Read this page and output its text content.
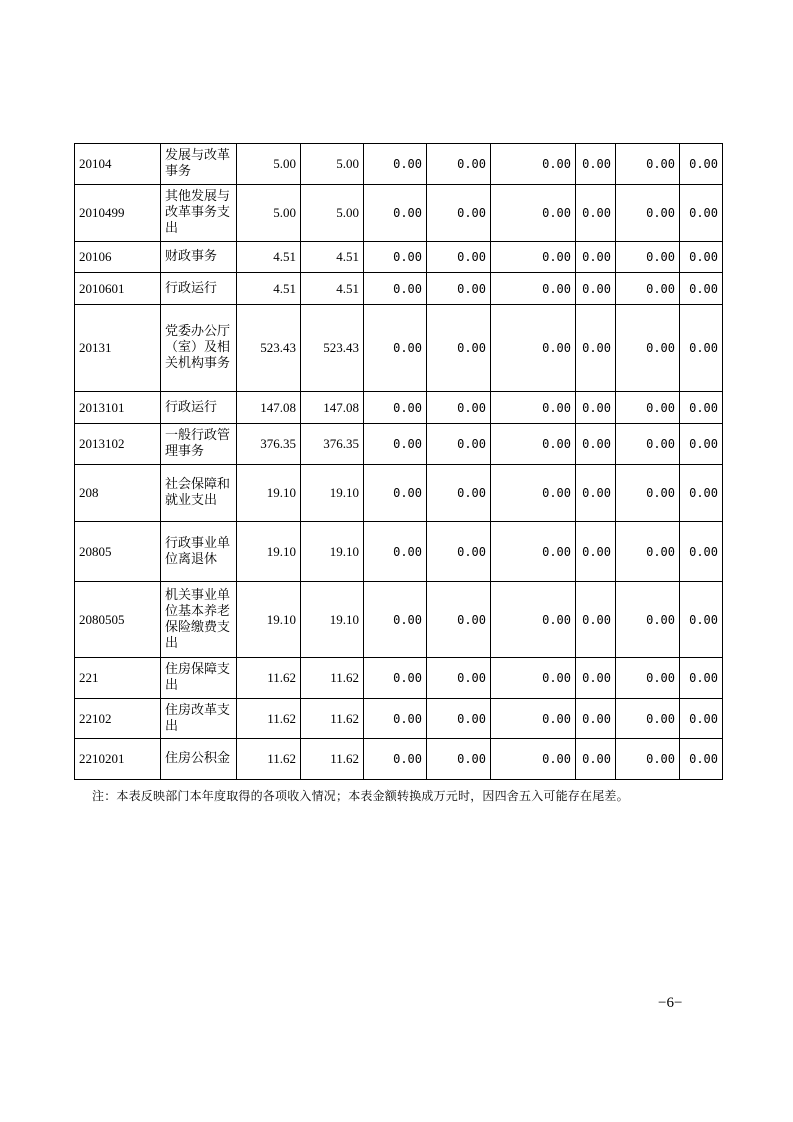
20104	发展与改革事务	5.00	5.00	0.00	0.00	0.00	0.00	0.00	0.00
2010499	其他发展与改革事务支出	5.00	5.00	0.00	0.00	0.00	0.00	0.00	0.00
20106	财政事务	4.51	4.51	0.00	0.00	0.00	0.00	0.00	0.00
2010601	行政运行	4.51	4.51	0.00	0.00	0.00	0.00	0.00	0.00
20131	党委办公厅（室）及相关机构事务	523.43	523.43	0.00	0.00	0.00	0.00	0.00	0.00
2013101	行政运行	147.08	147.08	0.00	0.00	0.00	0.00	0.00	0.00
2013102	一般行政管理事务	376.35	376.35	0.00	0.00	0.00	0.00	0.00	0.00
208	社会保障和就业支出	19.10	19.10	0.00	0.00	0.00	0.00	0.00	0.00
20805	行政事业单位离退休	19.10	19.10	0.00	0.00	0.00	0.00	0.00	0.00
2080505	机关事业单位基本养老保险缴费支出	19.10	19.10	0.00	0.00	0.00	0.00	0.00	0.00
221	住房保障支出	11.62	11.62	0.00	0.00	0.00	0.00	0.00	0.00
22102	住房改革支出	11.62	11.62	0.00	0.00	0.00	0.00	0.00	0.00
2210201	住房公积金	11.62	11.62	0.00	0.00	0.00	0.00	0.00	0.00
注：本表反映部门本年度取得的各项收入情况；本表金额转换成万元时，因四舍五入可能存在尾差。
−6−
